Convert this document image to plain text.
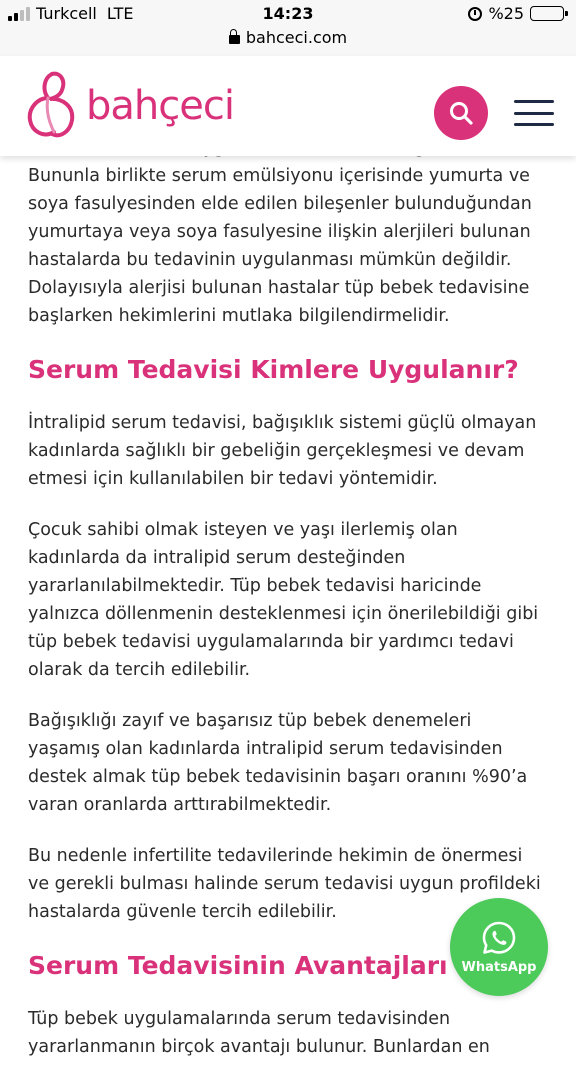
Turkcell LTE	14:23	%25
bahceci.com
bahçeci

Bununla birlikte serum emülsiyonu içerisinde yumurta ve soya fasulyesinden elde edilen bileşenler bulunduğundan yumurtaya veya soya fasulyesine ilişkin alerjileri bulunan hastalarda bu tedavinin uygulanması mümkün değildir. Dolayısıyla alerjisi bulunan hastalar tüp bebek tedavisine başlarken hekimlerini mutlaka bilgilendirmelidir.

Serum Tedavisi Kimlere Uygulanır?

İntralipid serum tedavisi, bağışıklık sistemi güçlü olmayan kadınlarda sağlıklı bir gebeliğin gerçekleşmesi ve devam etmesi için kullanılabilen bir tedavi yöntemidir.

Çocuk sahibi olmak isteyen ve yaşı ilerlemiş olan kadınlarda da intralipid serum desteğinden yararlanılabilmektedir. Tüp bebek tedavisi haricinde yalnızca döllenmenin desteklenmesi için önerilebildiği gibi tüp bebek tedavisi uygulamalarında bir yardımcı tedavi olarak da tercih edilebilir.

Bağışıklığı zayıf ve başarısız tüp bebek denemeleri yaşamış olan kadınlarda intralipid serum tedavisinden destek almak tüp bebek tedavisinin başarı oranını %90’a varan oranlarda arttırabilmektedir.

Bu nedenle infertilite tedavilerinde hekimin de önermesi ve gerekli bulması halinde serum tedavisi uygun profildeki hastalarda güvenle tercih edilebilir.

Serum Tedavisinin Avantajları

Tüp bebek uygulamalarında serum tedavisinden yararlanmanın birçok avantajı bulunur. Bunlardan en

WhatsApp
